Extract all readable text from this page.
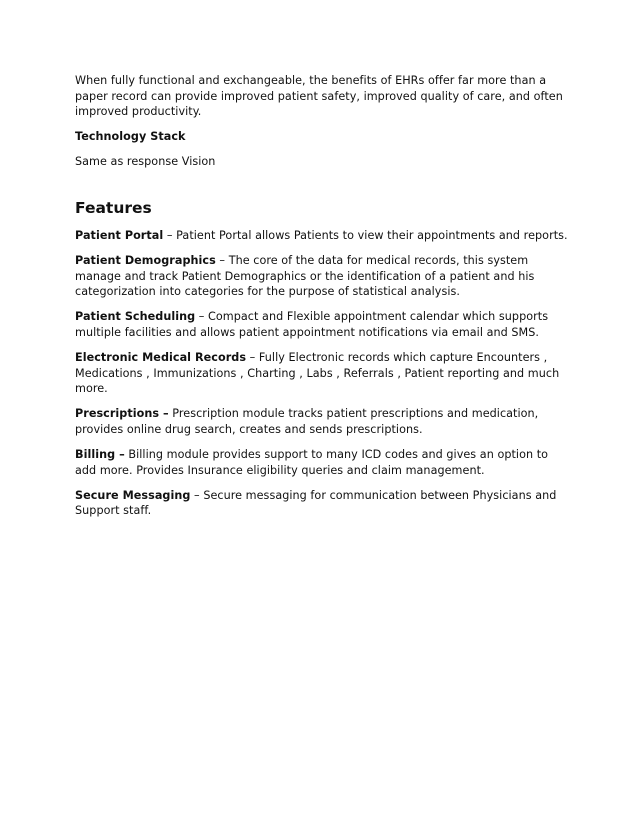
When fully functional and exchangeable, the benefits of EHRs offer far more than a paper record can provide improved patient safety, improved quality of care, and often improved productivity.

Technology Stack

Same as response Vision

Features

Patient Portal – Patient Portal allows Patients to view their appointments and reports.

Patient Demographics – The core of the data for medical records, this system manage and track Patient Demographics or the identification of a patient and his categorization into categories for the purpose of statistical analysis.

Patient Scheduling – Compact and Flexible appointment calendar which supports multiple facilities and allows patient appointment notifications via email and SMS.

Electronic Medical Records – Fully Electronic records which capture Encounters , Medications , Immunizations , Charting , Labs , Referrals , Patient reporting and much more.

Prescriptions – Prescription module tracks patient prescriptions and medication, provides online drug search, creates and sends prescriptions.

Billing – Billing module provides support to many ICD codes and gives an option to add more. Provides Insurance eligibility queries and claim management.

Secure Messaging – Secure messaging for communication between Physicians and Support staff.
